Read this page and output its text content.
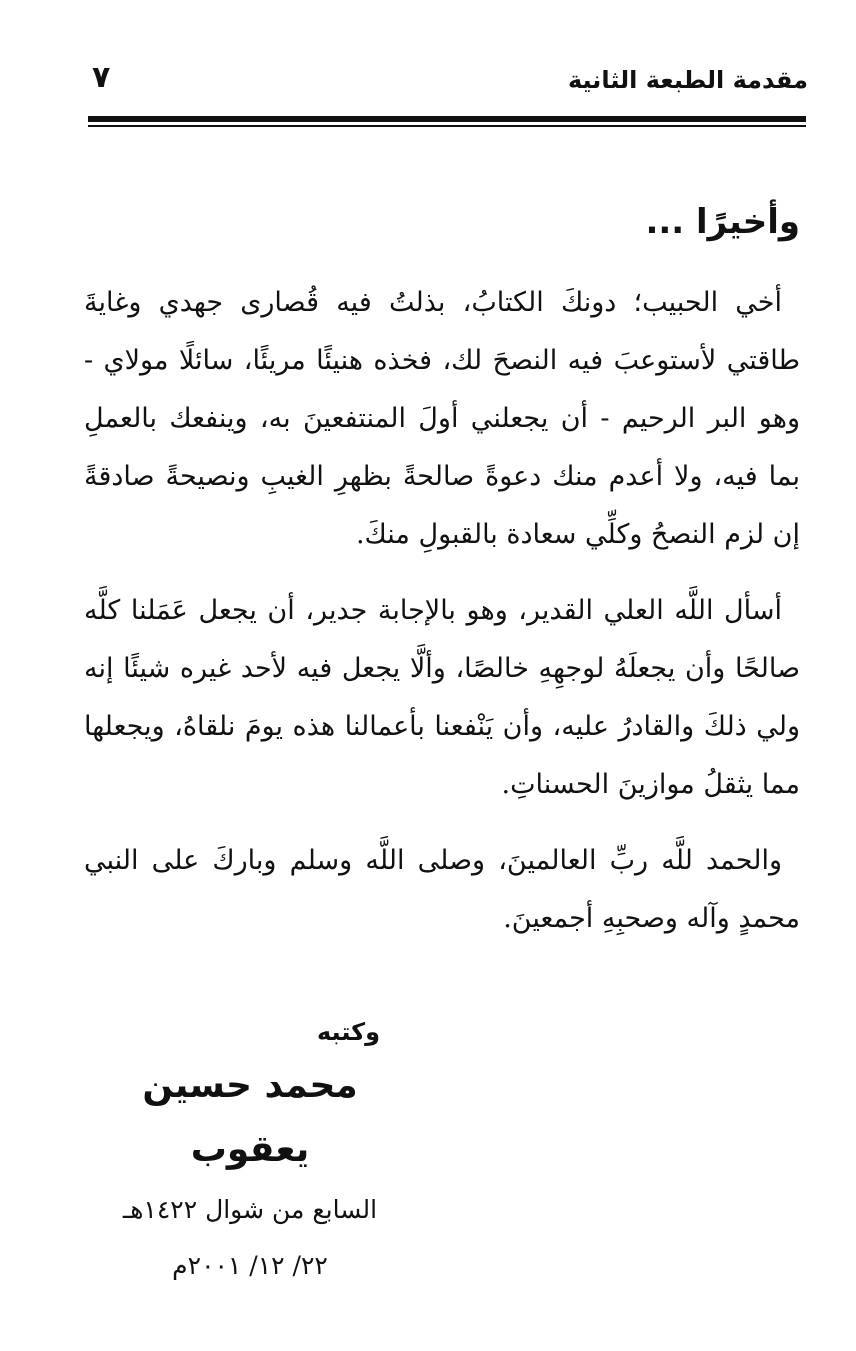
مقدمة الطبعة الثانية
٧
وأخيرًا ...

أخي الحبيب؛ دونكَ الكتابُ، بذلتُ فيه قُصارى جهدي وغايةَ طاقتي لأستوعبَ فيه النصحَ لك، فخذه هنيئًا مريئًا، سائلًا مولاي - وهو البر الرحيم - أن يجعلني أولَ المنتفعينَ به، وينفعك بالعملِ بما فيه، ولا أعدم منك دعوةً صالحةً بظهرِ الغيبِ ونصيحةً صادقةً إن لزم النصحُ وكلِّي سعادة بالقبولِ منكَ.

أسأل اللَّه العلي القدير، وهو بالإجابة جدير، أن يجعل عَمَلنا كلَّه صالحًا وأن يجعلَهُ لوجهِهِ خالصًا، وألَّا يجعل فيه لأحد غيره شيئًا إنه ولي ذلكَ والقادرُ عليه، وأن يَنْفعنا بأعمالنا هذه يومَ نلقاهُ، ويجعلها مما يثقلُ موازينَ الحسناتِ.

والحمد للَّه ربِّ العالمينَ، وصلى اللَّه وسلم وباركَ على النبي محمدٍ وآله وصحبِهِ أجمعينَ.

وكتبه
محمد حسين يعقوب
السابع من شوال ١٤٢٢هـ
٢٢/ ١٢/ ٢٠٠١م
